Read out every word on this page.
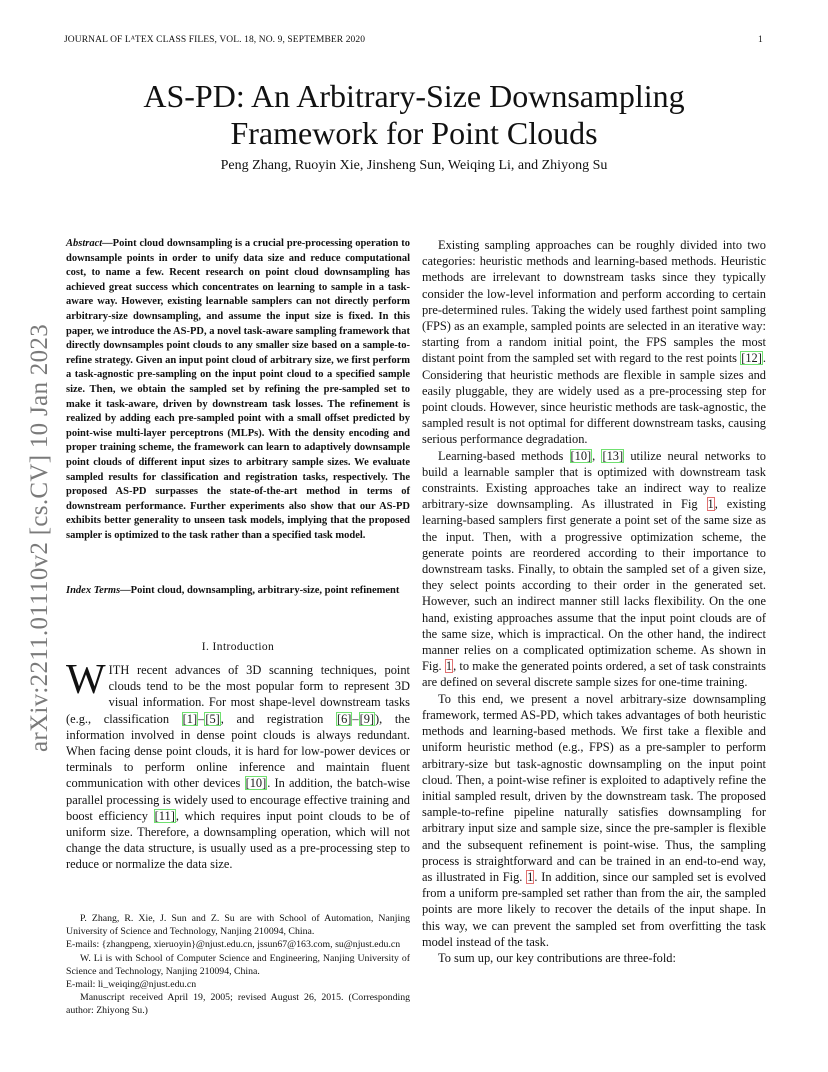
JOURNAL OF LᴬTEX CLASS FILES, VOL. 18, NO. 9, SEPTEMBER 2020	1
AS-PD: An Arbitrary-Size Downsampling
Framework for Point Clouds
Peng Zhang, Ruoyin Xie, Jinsheng Sun, Weiqing Li, and Zhiyong Su
arXiv:2211.01110v2 [cs.CV] 10 Jan 2023
Abstract—Point cloud downsampling is a crucial pre-processing operation to downsample points in order to unify data size and reduce computational cost, to name a few. Recent research on point cloud downsampling has achieved great success which concentrates on learning to sample in a task-aware way. However, existing learnable samplers can not directly perform arbitrary-size downsampling, and assume the input size is fixed. In this paper, we introduce the AS-PD, a novel task-aware sampling framework that directly downsamples point clouds to any smaller size based on a sample-to-refine strategy. Given an input point cloud of arbitrary size, we first perform a task-agnostic pre-sampling on the input point cloud to a specified sample size. Then, we obtain the sampled set by refining the pre-sampled set to make it task-aware, driven by downstream task losses. The refinement is realized by adding each pre-sampled point with a small offset predicted by point-wise multi-layer perceptrons (MLPs). With the density encoding and proper training scheme, the framework can learn to adaptively downsample point clouds of different input sizes to arbitrary sample sizes. We evaluate sampled results for classification and registration tasks, respectively. The proposed AS-PD surpasses the state-of-the-art method in terms of downstream performance. Further experiments also show that our AS-PD exhibits better generality to unseen task models, implying that the proposed sampler is optimized to the task rather than a specified task model.
Index Terms—Point cloud, downsampling, arbitrary-size, point refinement
I. Introduction
WITH recent advances of 3D scanning techniques, point clouds tend to be the most popular form to represent 3D visual information. For most shape-level downstream tasks (e.g., classification [1]–[5], and registration [6]–[9]), the information involved in dense point clouds is always redundant. When facing dense point clouds, it is hard for low-power devices or terminals to perform online inference and maintain fluent communication with other devices [10]. In addition, the batch-wise parallel processing is widely used to encourage effective training and boost efficiency [11], which requires input point clouds to be of uniform size. Therefore, a downsampling operation, which will not change the data structure, is usually used as a pre-processing step to reduce or normalize the data size.
P. Zhang, R. Xie, J. Sun and Z. Su are with School of Automation, Nanjing University of Science and Technology, Nanjing 210094, China.
E-mails: {zhangpeng, xieruoyin}@njust.edu.cn, jssun67@163.com, su@njust.edu.cn
W. Li is with School of Computer Science and Engineering, Nanjing University of Science and Technology, Nanjing 210094, China.
E-mail: li_weiqing@njust.edu.cn
Manuscript received April 19, 2005; revised August 26, 2015. (Corresponding author: Zhiyong Su.)

Existing sampling approaches can be roughly divided into two categories: heuristic methods and learning-based methods. Heuristic methods are irrelevant to downstream tasks since they typically consider the low-level information and perform according to certain pre-determined rules. Taking the widely used farthest point sampling (FPS) as an example, sampled points are selected in an iterative way: starting from a random initial point, the FPS samples the most distant point from the sampled set with regard to the rest points [12]. Considering that heuristic methods are flexible in sample sizes and easily pluggable, they are widely used as a pre-processing step for point clouds. However, since heuristic methods are task-agnostic, the sampled result is not optimal for different downstream tasks, causing serious performance degradation.

Learning-based methods [10], [13] utilize neural networks to build a learnable sampler that is optimized with downstream task constraints. Existing approaches take an indirect way to realize arbitrary-size downsampling. As illustrated in Fig 1, existing learning-based samplers first generate a point set of the same size as the input. Then, with a progressive optimization scheme, the generate points are reordered according to their importance to downstream tasks. Finally, to obtain the sampled set of a given size, they select points according to their order in the generated set. However, such an indirect manner still lacks flexibility. On the one hand, existing approaches assume that the input point clouds are of the same size, which is impractical. On the other hand, the indirect manner relies on a complicated optimization scheme. As shown in Fig. 1, to make the generated points ordered, a set of task constraints are defined on several discrete sample sizes for one-time training.

To this end, we present a novel arbitrary-size downsampling framework, termed AS-PD, which takes advantages of both heuristic methods and learning-based methods. We first take a flexible and uniform heuristic method (e.g., FPS) as a pre-sampler to perform arbitrary-size but task-agnostic downsampling on the input point cloud. Then, a point-wise refiner is exploited to adaptively refine the initial sampled result, driven by the downstream task. The proposed sample-to-refine pipeline naturally satisfies downsampling for arbitrary input size and sample size, since the pre-sampler is flexible and the subsequent refinement is point-wise. Thus, the sampling process is straightforward and can be trained in an end-to-end way, as illustrated in Fig. 1. In addition, since our sampled set is evolved from a uniform pre-sampled set rather than from the air, the sampled points are more likely to recover the details of the input shape. In this way, we can prevent the sampled set from overfitting the task model instead of the task.

To sum up, our key contributions are three-fold:
